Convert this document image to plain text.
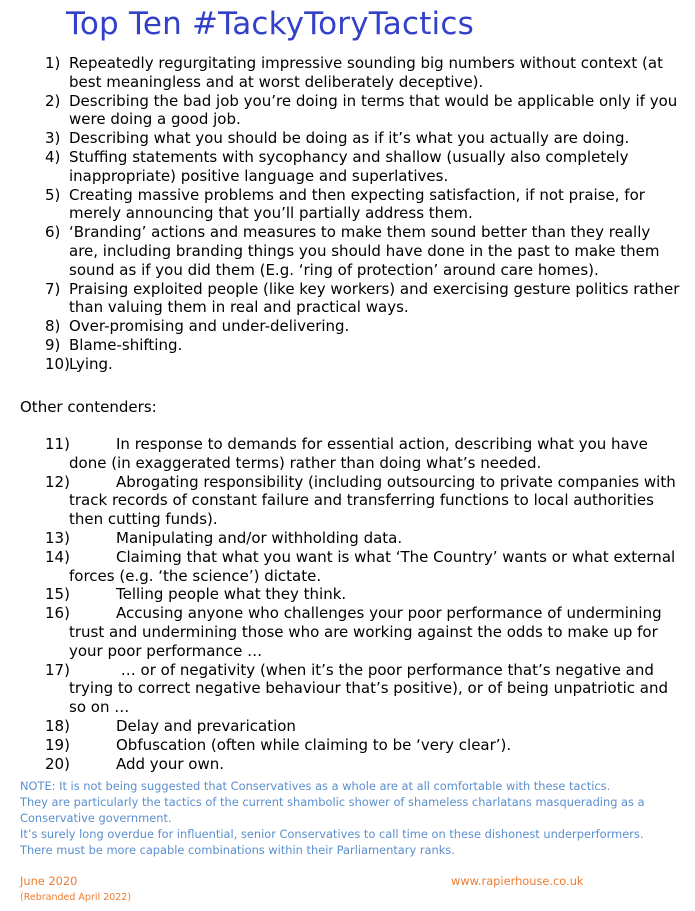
Top Ten #TackyToryTactics
1) Repeatedly regurgitating impressive sounding big numbers without context (at best meaningless and at worst deliberately deceptive).
2) Describing the bad job you’re doing in terms that would be applicable only if you were doing a good job.
3) Describing what you should be doing as if it’s what you actually are doing.
4) Stuffing statements with sycophancy and shallow (usually also completely inappropriate) positive language and superlatives.
5) Creating massive problems and then expecting satisfaction, if not praise, for merely announcing that you’ll partially address them.
6) ‘Branding’ actions and measures to make them sound better than they really are, including branding things you should have done in the past to make them sound as if you did them (E.g. ‘ring of protection’ around care homes).
7) Praising exploited people (like key workers) and exercising gesture politics rather than valuing them in real and practical ways.
8) Over-promising and under-delivering.
9) Blame-shifting.
10) Lying.
Other contenders:
11)	In response to demands for essential action, describing what you have done (in exaggerated terms) rather than doing what’s needed.
12)	Abrogating responsibility (including outsourcing to private companies with track records of constant failure and transferring functions to local authorities then cutting funds).
13)	Manipulating and/or withholding data.
14)	Claiming that what you want is what ‘The Country’ wants or what external forces (e.g. ‘the science’) dictate.
15)	Telling people what they think.
16)	Accusing anyone who challenges your poor performance of undermining trust and undermining those who are working against the odds to make up for your poor performance …
17)	… or of negativity (when it’s the poor performance that’s negative and trying to correct negative behaviour that’s positive), or of being unpatriotic and so on …
18)	Delay and prevarication
19)	Obfuscation (often while claiming to be ‘very clear’).
20)	Add your own.
NOTE: It is not being suggested that Conservatives as a whole are at all comfortable with these tactics.
They are particularly the tactics of the current shambolic shower of shameless charlatans masquerading as a Conservative government.
It’s surely long overdue for influential, senior Conservatives to call time on these dishonest underperformers.
There must be more capable combinations within their Parliamentary ranks.
June 2020
(Rebranded April 2022)
www.rapierhouse.co.uk
